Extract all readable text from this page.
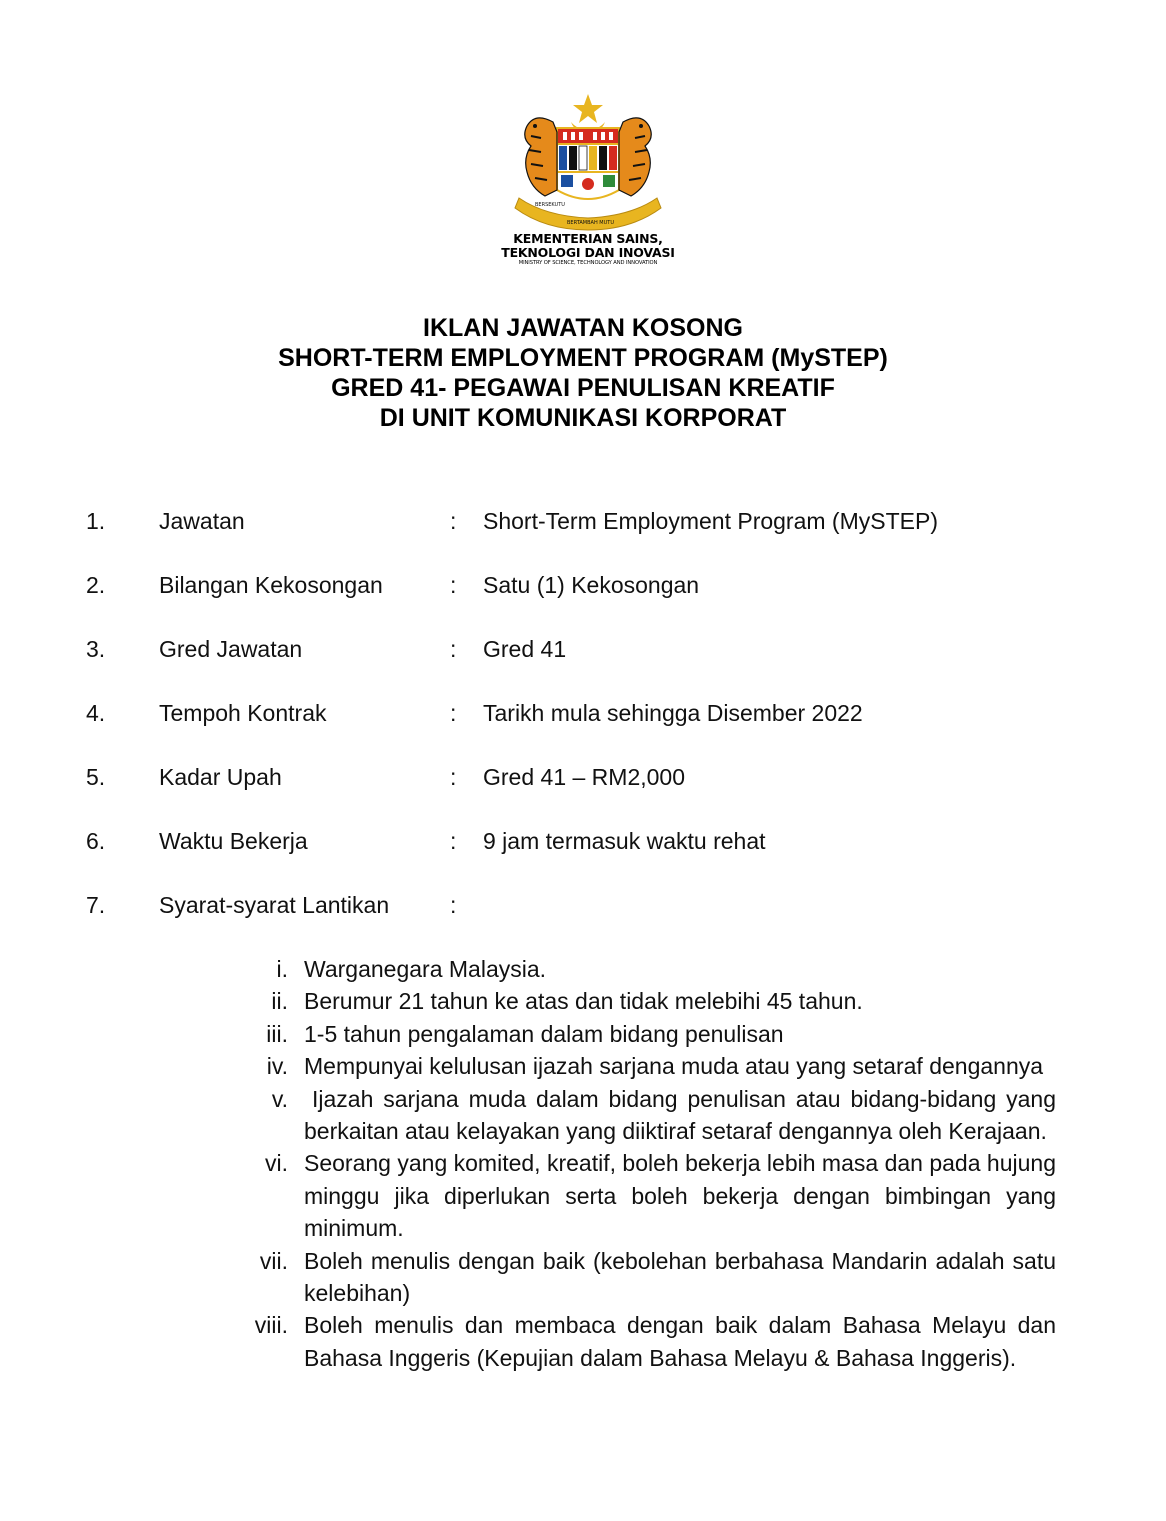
BERSEKUTU
BERTAMBAH MUTU
KEMENTERIAN SAINS,
TEKNOLOGI DAN INOVASI
MINISTRY OF SCIENCE, TECHNOLOGY AND INNOVATION
IKLAN JAWATAN KOSONG
SHORT-TERM EMPLOYMENT PROGRAM (MySTEP)
GRED 41- PEGAWAI PENULISAN KREATIF
DI UNIT KOMUNIKASI KORPORAT
1. Jawatan	: Short-Term Employment Program (MySTEP)
2. Bilangan Kekosongan	: Satu (1) Kekosongan
3. Gred Jawatan	: Gred 41
4. Tempoh Kontrak	: Tarikh mula sehingga Disember 2022
5. Kadar Upah	: Gred 41 – RM2,000
6. Waktu Bekerja	: 9 jam termasuk waktu rehat
7. Syarat-syarat Lantikan	:
i. Warganegara Malaysia.
ii. Berumur 21 tahun ke atas dan tidak melebihi 45 tahun.
iii. 1-5 tahun pengalaman dalam bidang penulisan
iv. Mempunyai kelulusan ijazah sarjana muda atau yang setaraf dengannya
v.	Ijazah sarjana muda dalam bidang penulisan atau bidang-bidang yang berkaitan atau kelayakan yang diiktiraf setaraf dengannya oleh Kerajaan.
vi. Seorang yang komited, kreatif, boleh bekerja lebih masa dan pada hujung minggu jika diperlukan serta boleh bekerja dengan bimbingan yang minimum.
vii. Boleh menulis dengan baik (kebolehan berbahasa Mandarin adalah satu kelebihan)
viii. Boleh menulis dan membaca dengan baik dalam Bahasa Melayu dan Bahasa Inggeris (Kepujian dalam Bahasa Melayu & Bahasa Inggeris).
